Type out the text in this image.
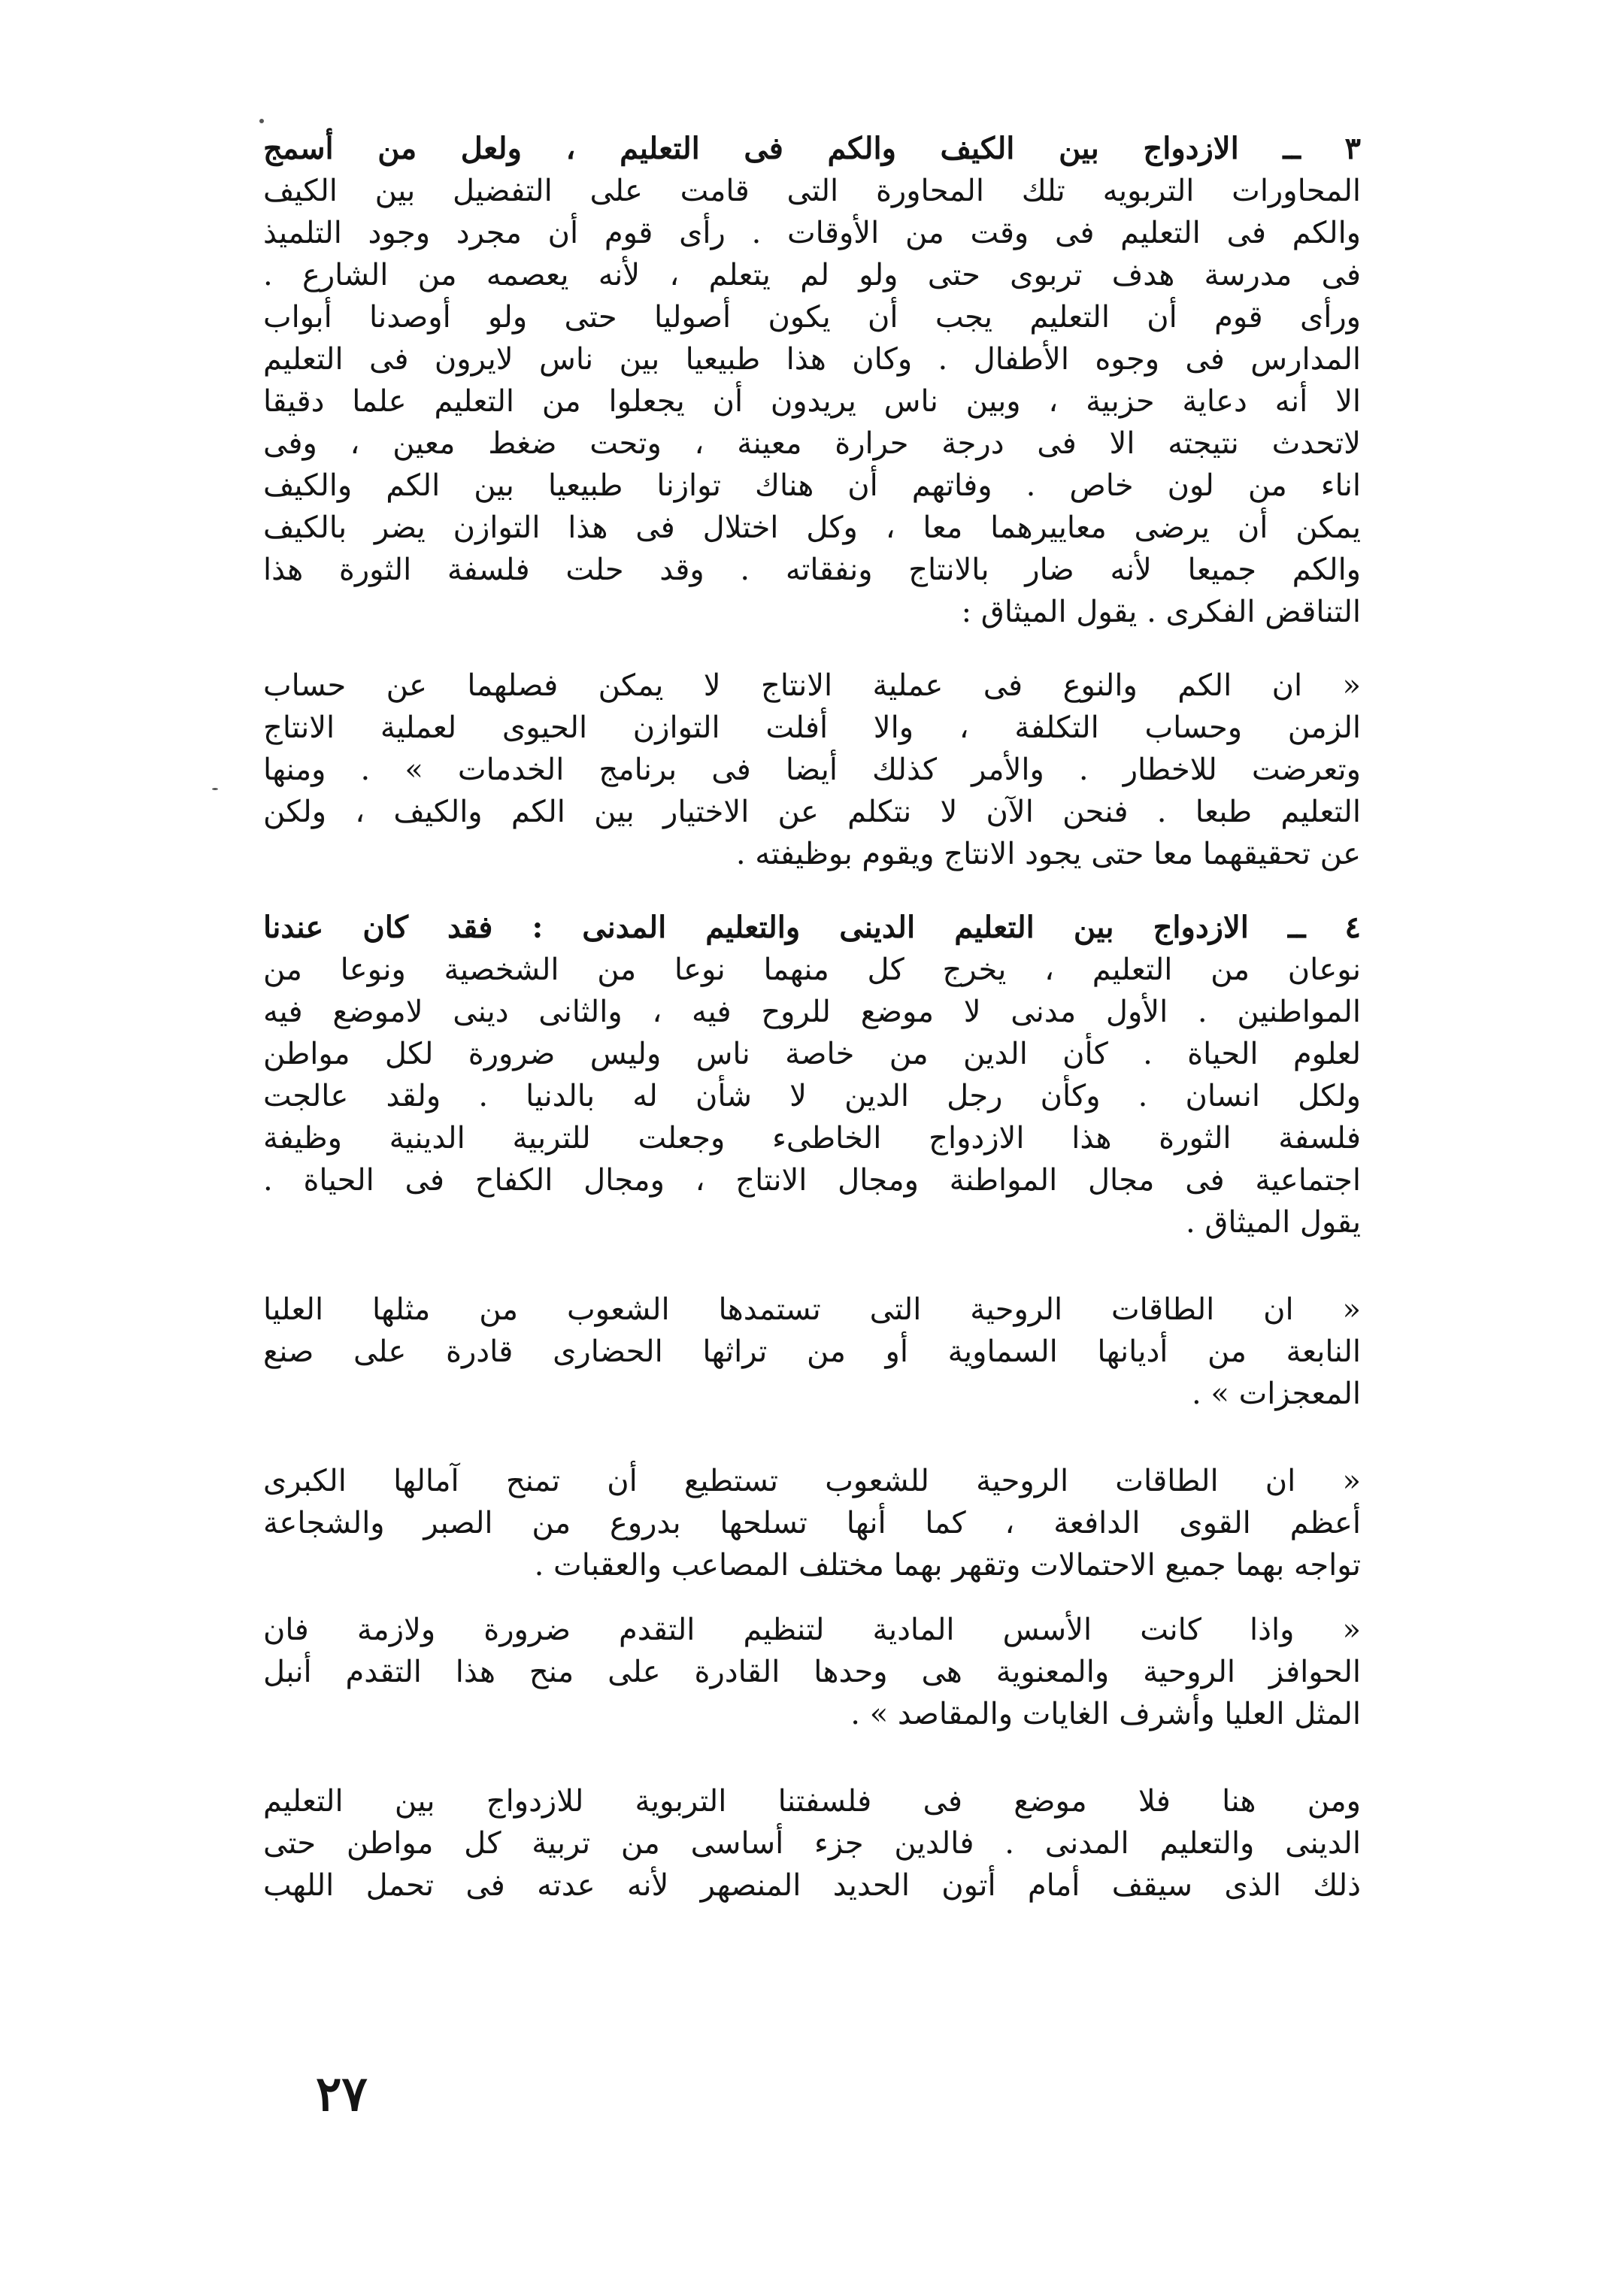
٣ ــ الازدواج بين الكيف والكم فى التعليم ، ولعل من أسمج
المحاورات التربويه تلك المحاورة التى قامت على التفضيل بين الكيف
والكم فى التعليم فى وقت من الأوقات . رأى قوم أن مجرد وجود التلميذ
فى مدرسة هدف تربوى حتى ولو لم يتعلم ، لأنه يعصمه من الشارع .
ورأى قوم أن التعليم يجب أن يكون أصوليا حتى ولو أوصدنا أبواب
المدارس فى وجوه الأطفال . وكان هذا طبيعيا بين ناس لايرون فى التعليم
الا أنه دعاية حزبية ، وبين ناس يريدون أن يجعلوا من التعليم علما دقيقا
لاتحدث نتيجته الا فى درجة حرارة معينة ، وتحت ضغط معين ، وفى
اناء من لون خاص . وفاتهم أن هناك توازنا طبيعيا بين الكم والكيف
يمكن أن يرضى معاييرهما معا ، وكل اختلال فى هذا التوازن يضر بالكيف
والكم جميعا لأنه ضار بالانتاج ونفقاته . وقد حلت فلسفة الثورة هذا
التناقض الفكرى . يقول الميثاق :
« ان الكم والنوع فى عملية الانتاج لا يمكن فصلهما عن حساب
الزمن وحساب التكلفة ، والا أفلت التوازن الحيوى لعملية الانتاج
وتعرضت للاخطار . والأمر كذلك أيضا فى برنامج الخدمات » . ومنها
التعليم طبعا . فنحن الآن لا نتكلم عن الاختيار بين الكم والكيف ، ولكن
عن تحقيقهما معا حتى يجود الانتاج ويقوم بوظيفته .
٤ ــ الازدواج بين التعليم الدينى والتعليم المدنى : فقد كان عندنا
نوعان من التعليم ، يخرج كل منهما نوعا من الشخصية ونوعا من
المواطنين . الأول مدنى لا موضع للروح فيه ، والثانى دينى لاموضع فيه
لعلوم الحياة . كأن الدين من خاصة ناس وليس ضرورة لكل مواطن
ولكل انسان . وكأن رجل الدين لا شأن له بالدنيا . ولقد عالجت
فلسفة الثورة هذا الازدواج الخاطىء وجعلت للتربية الدينية وظيفة
اجتماعية فى مجال المواطنة ومجال الانتاج ، ومجال الكفاح فى الحياة .
يقول الميثاق .
« ان الطاقات الروحية التى تستمدها الشعوب من مثلها العليا
النابعة من أديانها السماوية أو من تراثها الحضارى قادرة على صنع
المعجزات » .
« ان الطاقات الروحية للشعوب تستطيع أن تمنح آمالها الكبرى
أعظم القوى الدافعة ، كما أنها تسلحها بدروع من الصبر والشجاعة
تواجه بهما جميع الاحتمالات وتقهر بهما مختلف المصاعب والعقبات .
« واذا كانت الأسس المادية لتنظيم التقدم ضرورة ولازمة فان
الحوافز الروحية والمعنوية هى وحدها القادرة على منح هذا التقدم أنبل
المثل العليا وأشرف الغايات والمقاصد » .
ومن هنا فلا موضع فى فلسفتنا التربوية للازدواج بين التعليم
الدينى والتعليم المدنى . فالدين جزء أساسى من تربية كل مواطن حتى
ذلك الذى سيقف أمام أتون الحديد المنصهر لأنه عدته فى تحمل اللهب
٢٧
